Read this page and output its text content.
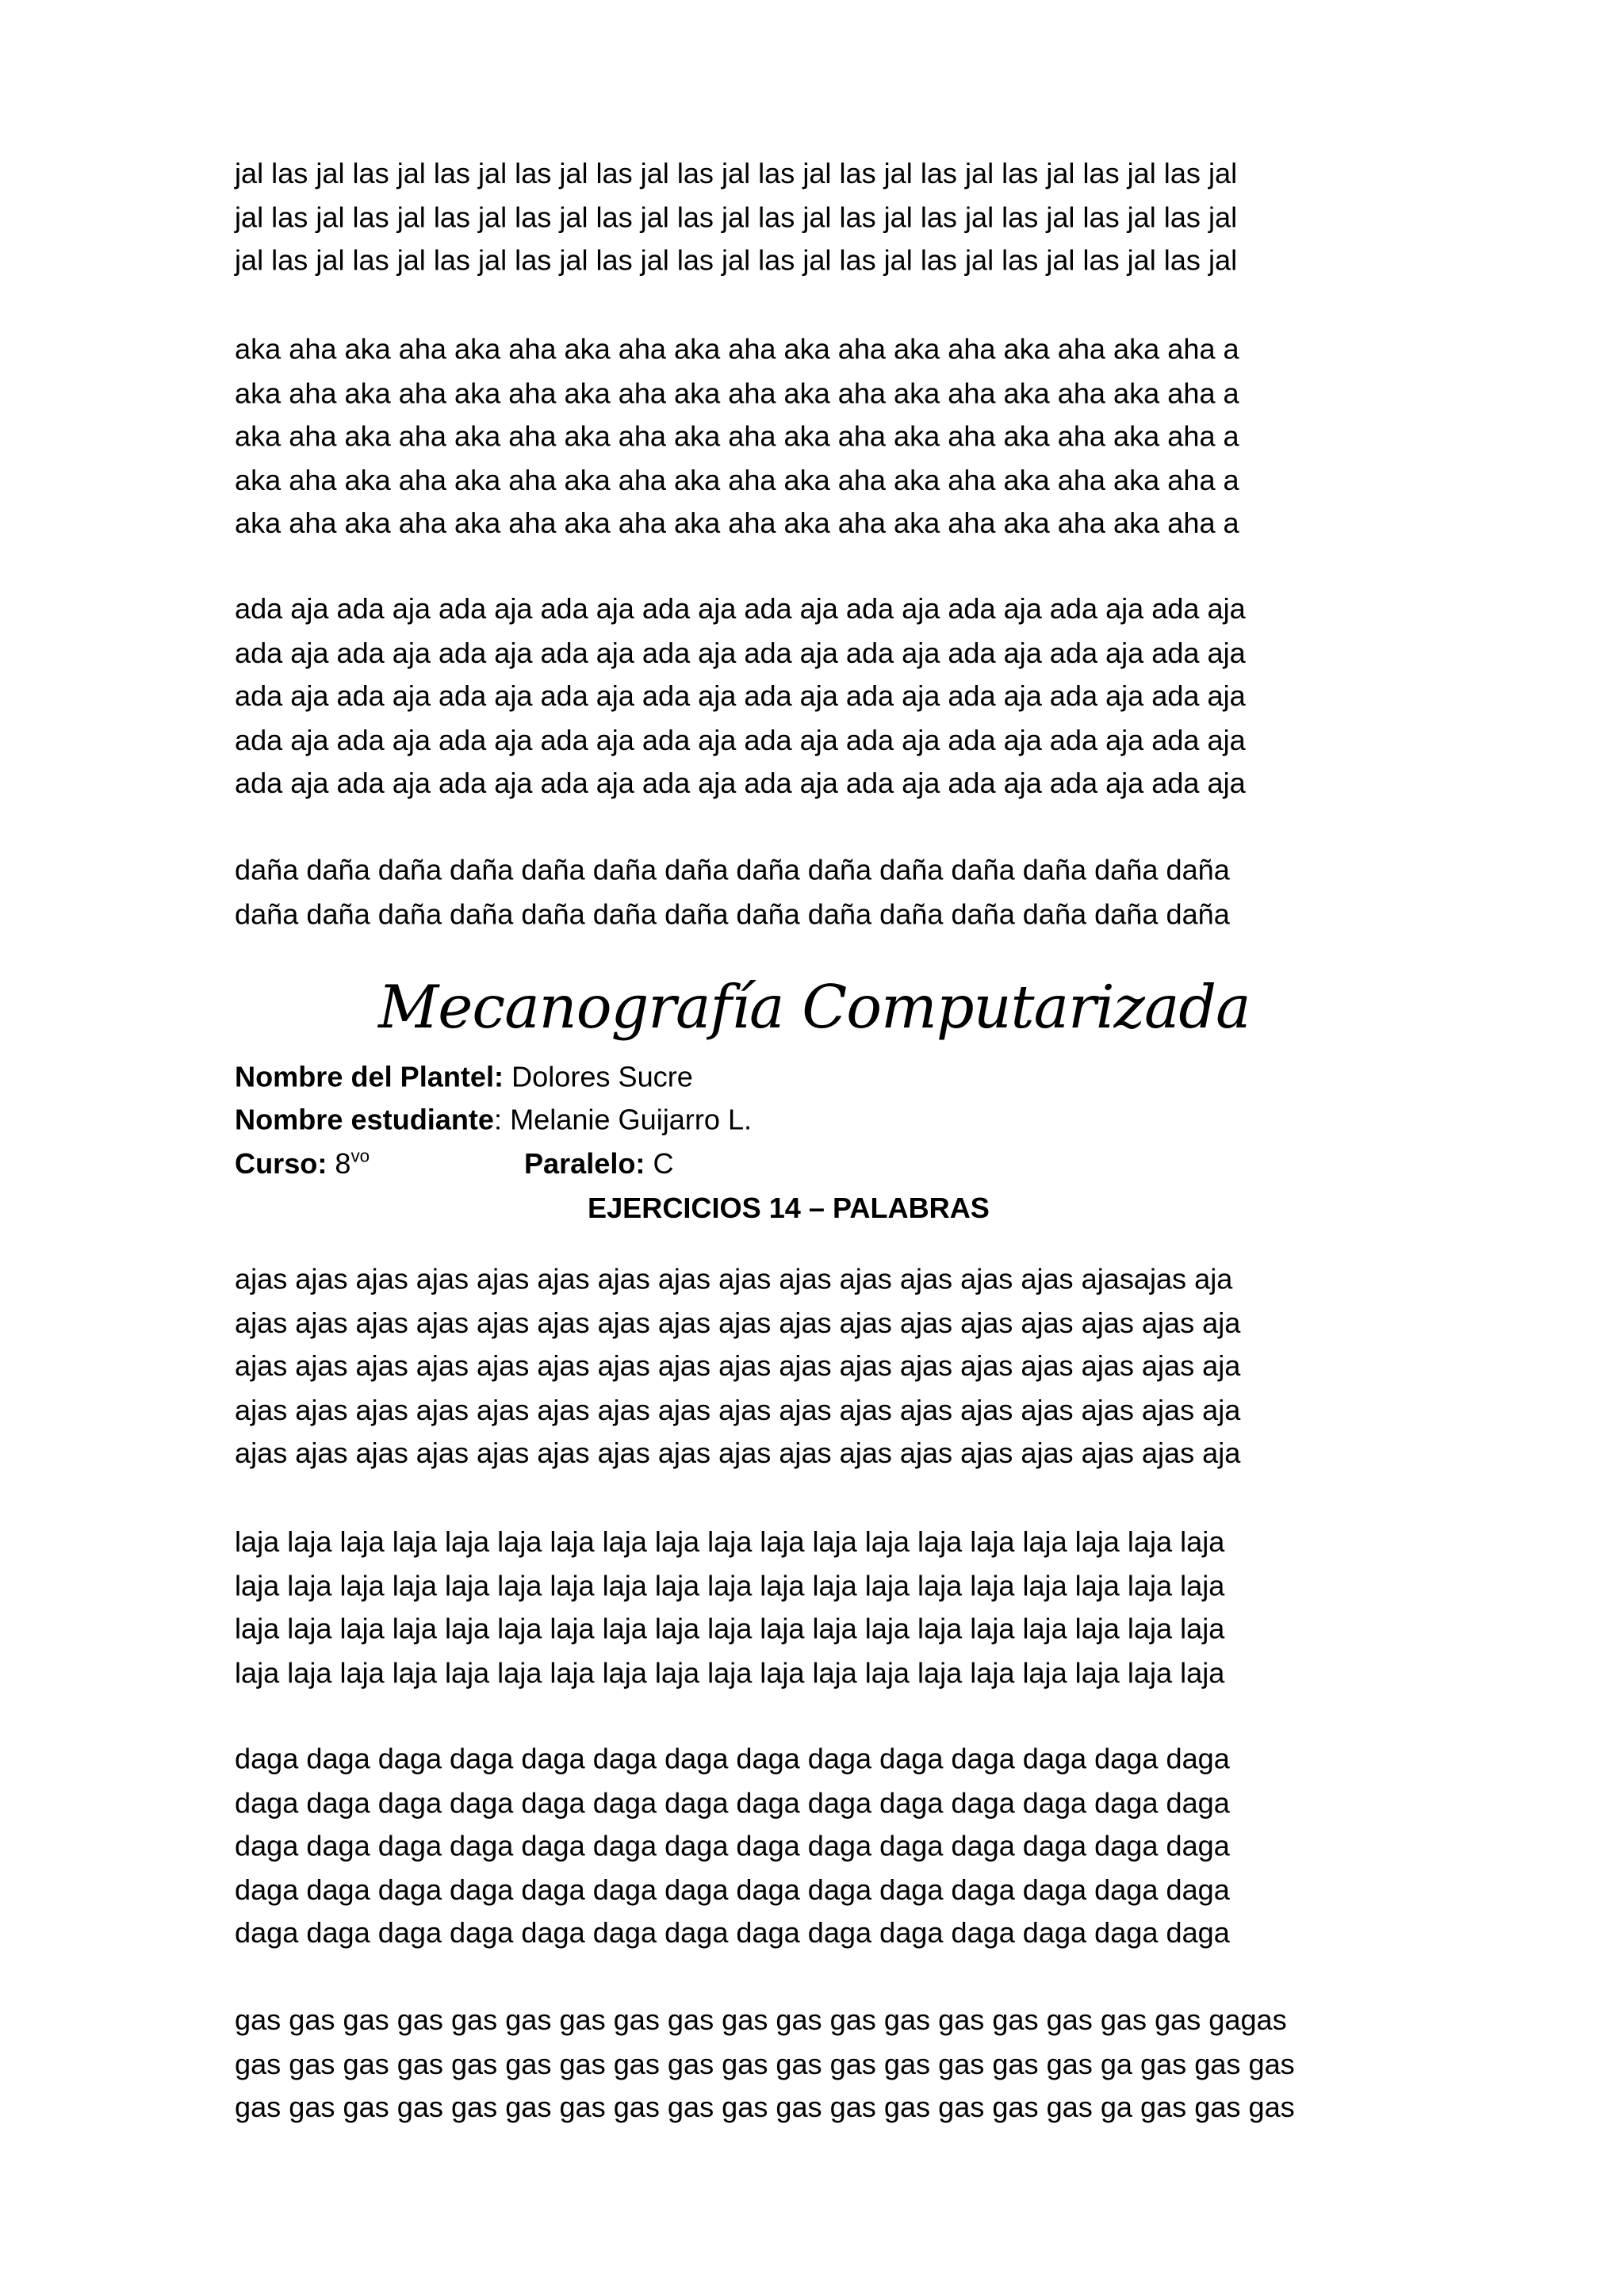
jal las jal las jal las jal las jal las jal las jal las jal las jal las jal las jal las jal las jal
jal las jal las jal las jal las jal las jal las jal las jal las jal las jal las jal las jal las jal
jal las jal las jal las jal las jal las jal las jal las jal las jal las jal las jal las jal las jal
aka aha aka aha aka aha aka aha aka aha aka aha aka aha aka aha aka aha a
aka aha aka aha aka aha aka aha aka aha aka aha aka aha aka aha aka aha a
aka aha aka aha aka aha aka aha aka aha aka aha aka aha aka aha aka aha a
aka aha aka aha aka aha aka aha aka aha aka aha aka aha aka aha aka aha a
aka aha aka aha aka aha aka aha aka aha aka aha aka aha aka aha aka aha a
ada aja ada aja ada aja ada aja ada aja ada aja ada aja ada aja ada aja ada aja
ada aja ada aja ada aja ada aja ada aja ada aja ada aja ada aja ada aja ada aja
ada aja ada aja ada aja ada aja ada aja ada aja ada aja ada aja ada aja ada aja
ada aja ada aja ada aja ada aja ada aja ada aja ada aja ada aja ada aja ada aja
ada aja ada aja ada aja ada aja ada aja ada aja ada aja ada aja ada aja ada aja
daña daña daña daña daña daña daña daña daña daña daña daña daña daña
daña daña daña daña daña daña daña daña daña daña daña daña daña daña
Mecanografía Computarizada
Nombre del Plantel: Dolores Sucre
Nombre estudiante: Melanie Guijarro L.
Curso: $8^{vo}$	Paralelo: C
EJERCICIOS 14 – PALABRAS
ajas ajas ajas ajas ajas ajas ajas ajas ajas ajas ajas ajas ajas ajas ajasajas aja
ajas ajas ajas ajas ajas ajas ajas ajas ajas ajas ajas ajas ajas ajas ajas ajas aja
ajas ajas ajas ajas ajas ajas ajas ajas ajas ajas ajas ajas ajas ajas ajas ajas aja
ajas ajas ajas ajas ajas ajas ajas ajas ajas ajas ajas ajas ajas ajas ajas ajas aja
ajas ajas ajas ajas ajas ajas ajas ajas ajas ajas ajas ajas ajas ajas ajas ajas aja
laja laja laja laja laja laja laja laja laja laja laja laja laja laja laja laja laja laja laja
laja laja laja laja laja laja laja laja laja laja laja laja laja laja laja laja laja laja laja
laja laja laja laja laja laja laja laja laja laja laja laja laja laja laja laja laja laja laja
laja laja laja laja laja laja laja laja laja laja laja laja laja laja laja laja laja laja laja
daga daga daga daga daga daga daga daga daga daga daga daga daga daga
daga daga daga daga daga daga daga daga daga daga daga daga daga daga
daga daga daga daga daga daga daga daga daga daga daga daga daga daga
daga daga daga daga daga daga daga daga daga daga daga daga daga daga
daga daga daga daga daga daga daga daga daga daga daga daga daga daga
gas gas gas gas gas gas gas gas gas gas gas gas gas gas gas gas gas gas gagas
gas gas gas gas gas gas gas gas gas gas gas gas gas gas gas gas ga gas gas gas
gas gas gas gas gas gas gas gas gas gas gas gas gas gas gas gas ga gas gas gas
